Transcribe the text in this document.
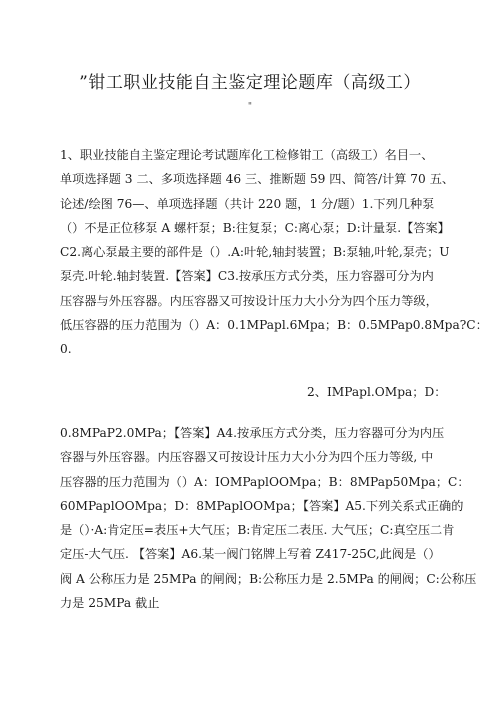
”钳工职业技能自主鉴定理论题库（高级工）
"

1、职业技能自主鉴定理论考试题库化工检修钳工（高级工）名目一、

单项选择题 3 二、多项选择题 46 三、推断题 59 四、简答/计算 70 五、

论述/绘图 76—、单项选择题（共计 220 题，1 分/题）1.下列几种泵

（）不是正位移泵 A 螺杆泵；B:往复泵；C:离心泵；D:计量泵.【答案】

C2.离心泵最主要的部件是（）.A:叶轮,轴封装置；B:泵轴,叶轮,泵壳；U

泵壳.叶轮.轴封装置.【答案】C3.按承压方式分类，压力容器可分为内

压容器与外压容器。内压容器又可按设计压力大小分为四个压力等级，

低压容器的压力范围为（）A：0.1MPapl.6Mpa；B：0.5MPap0.8Mpa?C：

0.

2、IMPapl.OMpa；D：

0.8MPaP2.0MPa；【答案】A4.按承压方式分类，压力容器可分为内压

容器与外压容器。内压容器又可按设计压力大小分为四个压力等级, 中

压容器的压力范围为（）A：IOMPaplOOMpa；B：8MPap50Mpa；C：

60MPaplOOMpa；D：8MPaplOOMpa；【答案】A5.下列关系式正确的

是（）·A:肯定压=表压+大气压；B:肯定压二表压. 大气压；C:真空压二肯

定压-大气压. 【答案】A6.某一阀门铭牌上写着 Z417-25C,此阀是（）

阀 A 公称压力是 25MPa 的闸阀；B:公称压力是 2.5MPa 的闸阀；C:公称压

力是 25MPa 截止
